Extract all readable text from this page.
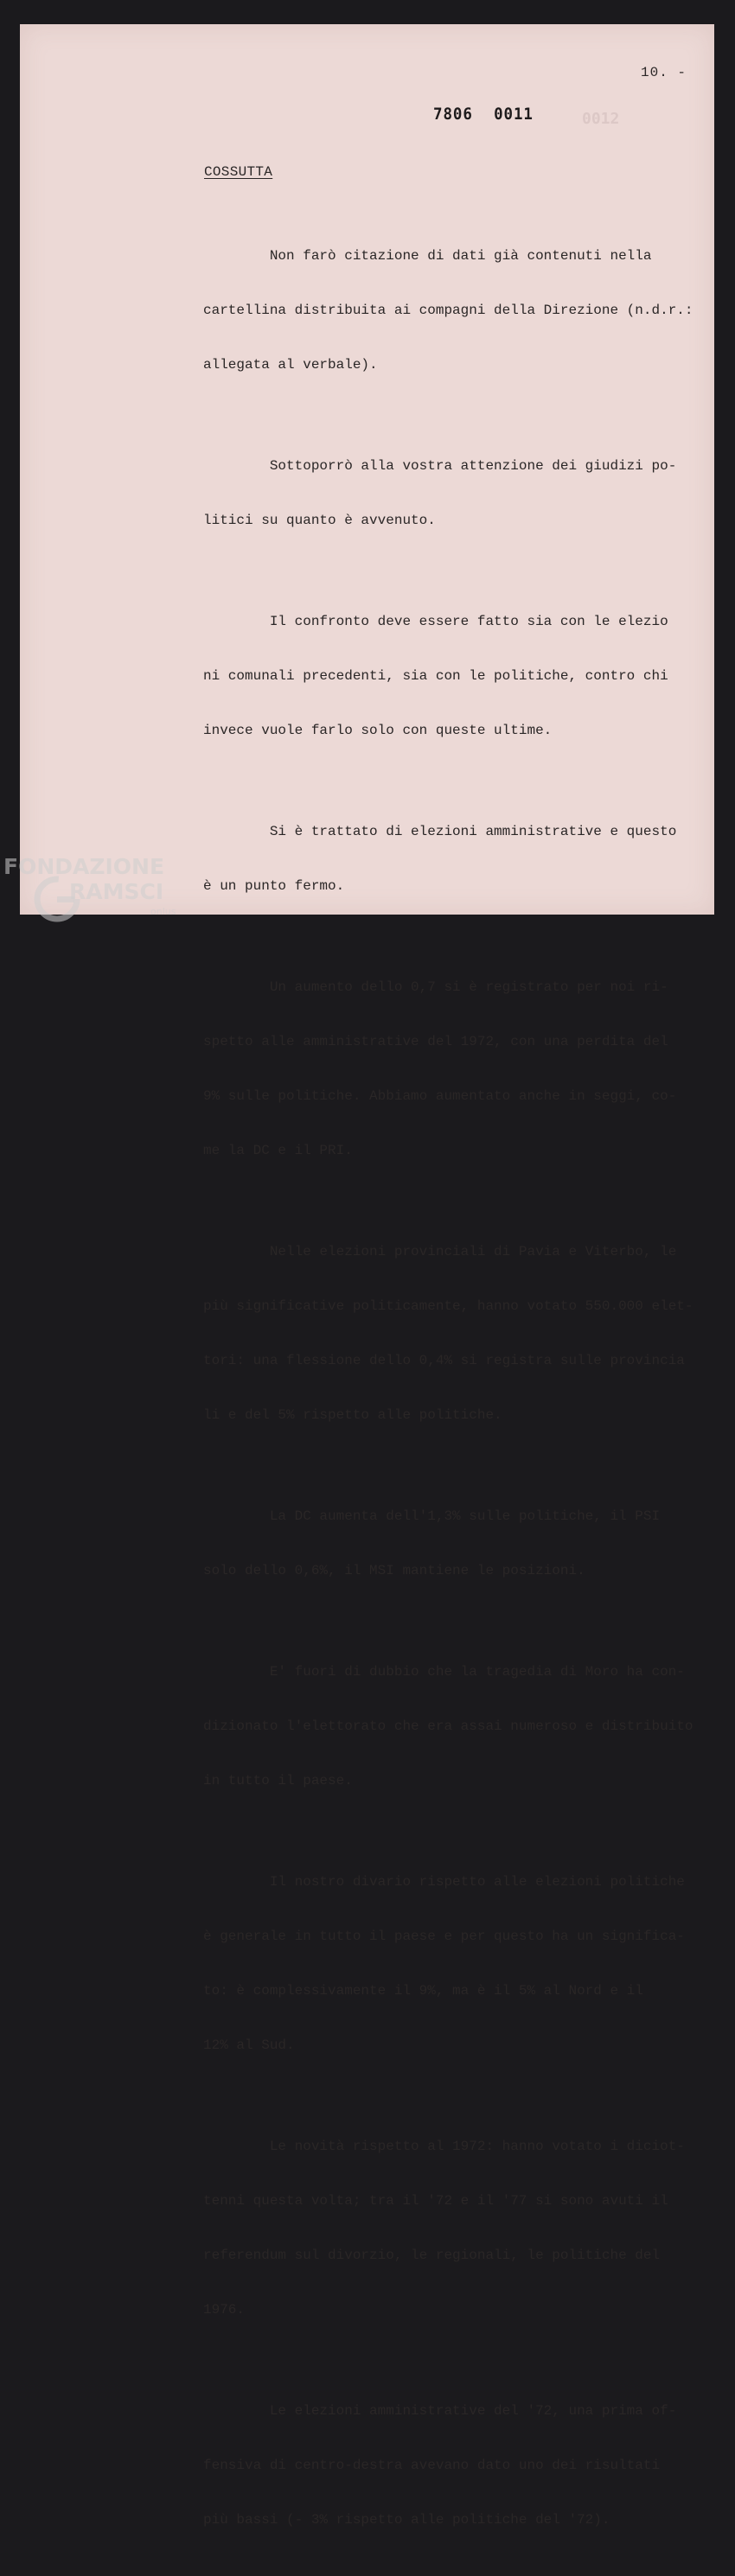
10. -
7806 0011	0012
COSSUTTA

Non farò citazione di dati già contenuti nella

cartellina distribuita ai compagni della Direzione (n.d.r.:

allegata al verbale).

Sottoporrò alla vostra attenzione dei giudizi po-

litici su quanto è avvenuto.

Il confronto deve essere fatto sia con le elezio

ni comunali precedenti, sia con le politiche, contro chi

invece vuole farlo solo con queste ultime.

Si è trattato di elezioni amministrative e questo

è un punto fermo.

Un aumento dello 0,7 si è registrato per noi ri-

spetto alle amministrative del 1972, con una perdita del

9% sulle politiche. Abbiamo aumentato anche in seggi, co-

me la DC e il PRI.

Nelle elezioni provinciali di Pavia e Viterbo, le

più significative politicamente, hanno votato 550.000 elet-

tori: una flessione dello 0,4% si registra sulle provincia

li e del 5% rispetto alle politiche.

La DC aumenta dell'1,3% sulle politiche, il PSI

solo dello 0,6%, il MSI mantiene le posizioni.

E' fuori di dubbio che la tragedia di Moro ha con-

dizionato l'elettorato che era assai numeroso e distribuito

in tutto il paese.

Il nostro divario rispetto alle elezioni politiche

è generale in tutto il paese e per questo ha un significa-

to: è complessivamente il 9%, ma è il 5% al Nord e il

12% al Sud.

Le novità rispetto al 1972: hanno votato i diciot-

tenni questa volta; tra il '72 e il '77 si sono avuti il

referendum sul divorzio, le regionali, le politiche del

1976.

Le elezioni amministrative del '72, una prima of-

fensiva di centro-destra avevano dato uno dei risultati

più bassi (- 3% rispetto alle politiche del '72).

FONDAZIONE
RAMSCI
onlus
